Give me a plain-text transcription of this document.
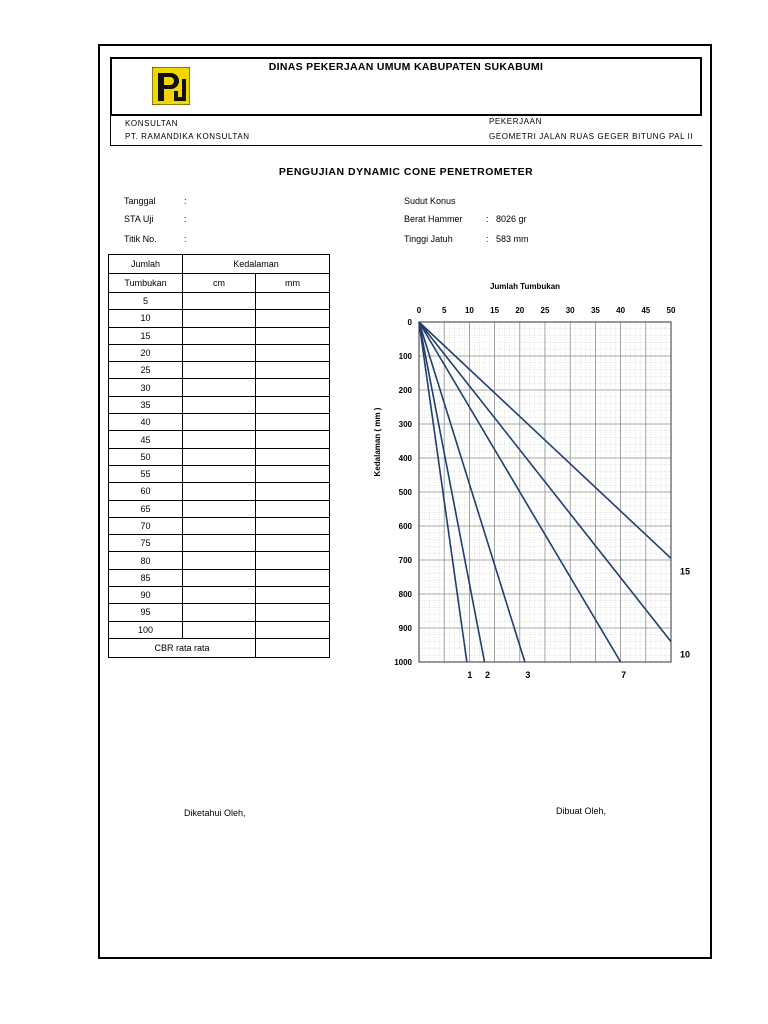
DINAS PEKERJAAN UMUM KABUPATEN SUKABUMI
KONSULTAN
PT. RAMANDIKA KONSULTAN
PEKERJAAN
GEOMETRI JALAN RUAS GEGER BITUNG PAL II
PENGUJIAN DYNAMIC CONE PENETROMETER
Tanggal	:
STA Uji	:
Titik No.	:
Sudut Konus
Berat Hammer	: 8026 gr
Tinggi Jatuh	: 583 mm
Jumlah	Kedalaman	
Tumbukan	cm	mm
5		
10		
15		
20		
25		
30		
35		
40		
45		
50		
55		
60		
65		
70		
75		
80		
85		
90		
95		
100		
CBR rata rata		
Jumlah Tumbukan
0	5 10 15 20 25 30 35 40 45 50
0
100
200
300
400
500
600
700
800
900
1000
Kedalaman ( mm )
1 2	3	7
10
15
Diketahui Oleh,	Dibuat Oleh,
